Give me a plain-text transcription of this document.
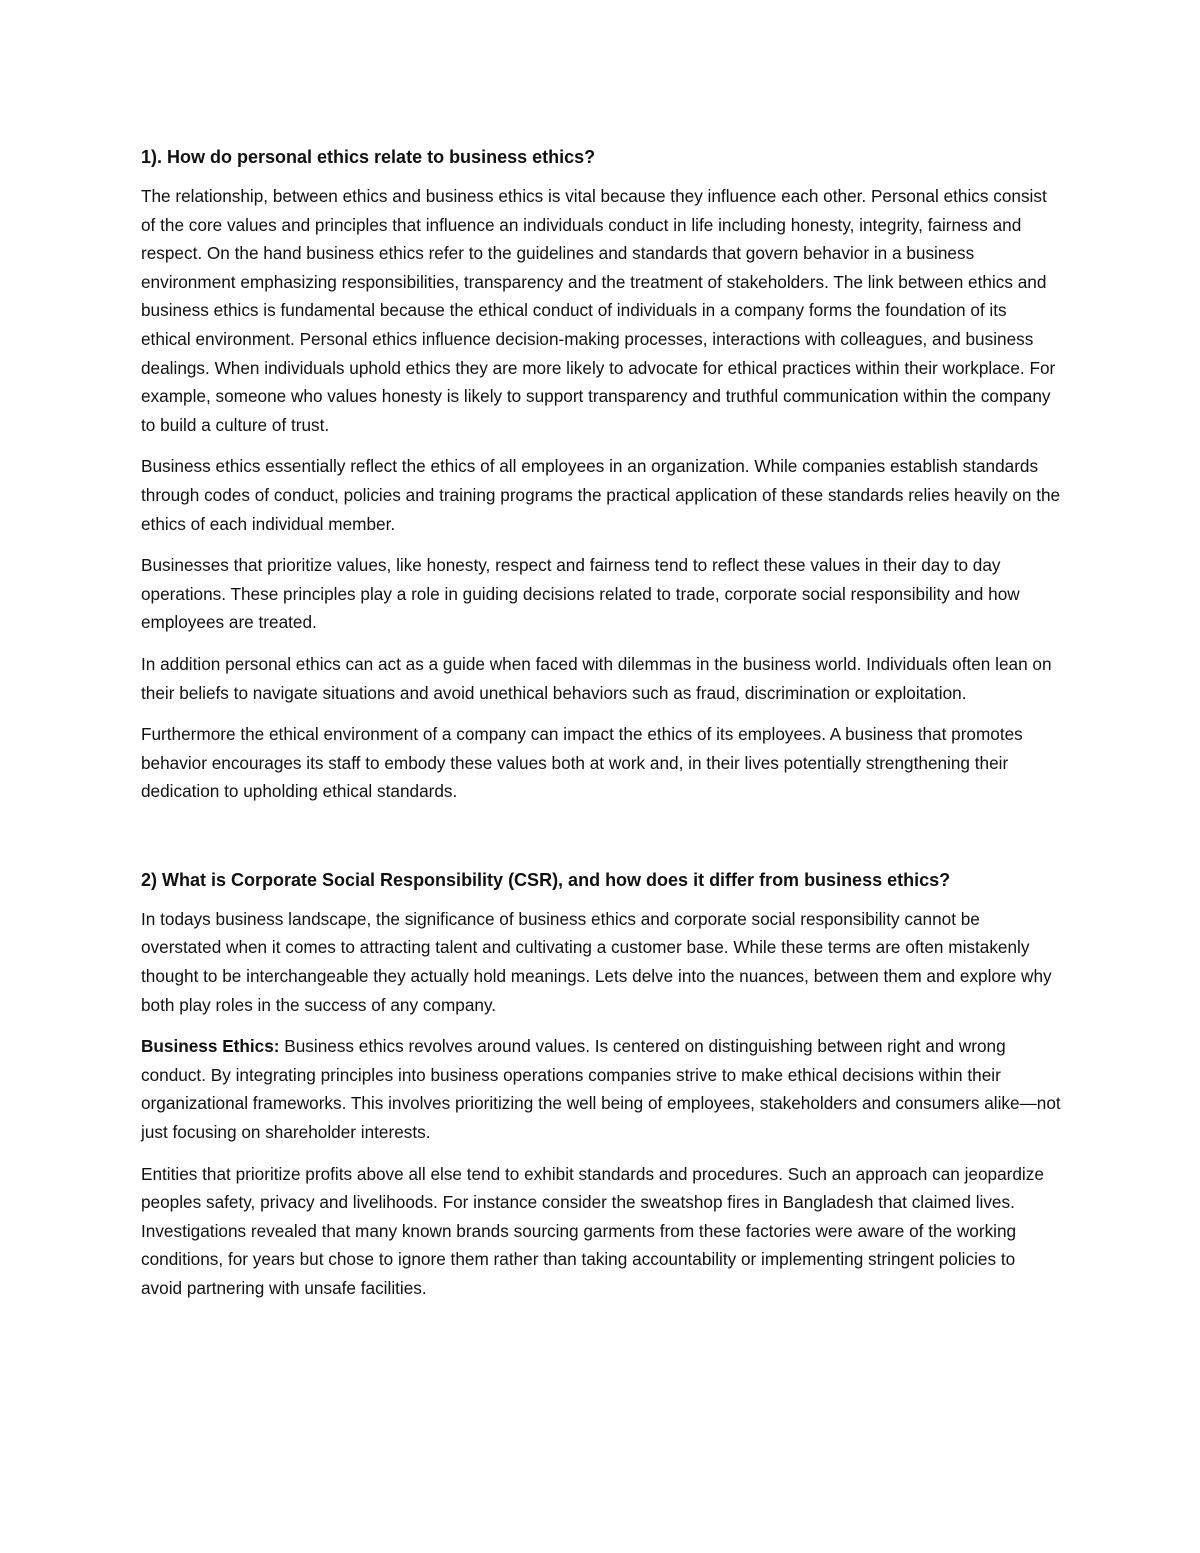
1). How do personal ethics relate to business ethics?

The relationship, between ethics and business ethics is vital because they influence each other. Personal ethics consist of the core values and principles that influence an individuals conduct in life including honesty, integrity, fairness and respect. On the hand business ethics refer to the guidelines and standards that govern behavior in a business environment emphasizing responsibilities, transparency and the treatment of stakeholders. The link between ethics and business ethics is fundamental because the ethical conduct of individuals in a company forms the foundation of its ethical environment. Personal ethics influence decision-making processes, interactions with colleagues, and business dealings. When individuals uphold ethics they are more likely to advocate for ethical practices within their workplace. For example, someone who values honesty is likely to support transparency and truthful communication within the company to build a culture of trust.

Business ethics essentially reflect the ethics of all employees in an organization. While companies establish standards through codes of conduct, policies and training programs the practical application of these standards relies heavily on the ethics of each individual member.

Businesses that prioritize values, like honesty, respect and fairness tend to reflect these values in their day to day operations. These principles play a role in guiding decisions related to trade, corporate social responsibility and how employees are treated.

In addition personal ethics can act as a guide when faced with dilemmas in the business world. Individuals often lean on their beliefs to navigate situations and avoid unethical behaviors such as fraud, discrimination or exploitation.

Furthermore the ethical environment of a company can impact the ethics of its employees. A business that promotes behavior encourages its staff to embody these values both at work and, in their lives potentially strengthening their dedication to upholding ethical standards.

2) What is Corporate Social Responsibility (CSR), and how does it differ from business ethics?

In todays business landscape, the significance of business ethics and corporate social responsibility cannot be overstated when it comes to attracting talent and cultivating a customer base. While these terms are often mistakenly thought to be interchangeable they actually hold meanings. Lets delve into the nuances, between them and explore why both play roles in the success of any company.

Business Ethics: Business ethics revolves around values. Is centered on distinguishing between right and wrong conduct. By integrating principles into business operations companies strive to make ethical decisions within their organizational frameworks. This involves prioritizing the well being of employees, stakeholders and consumers alike—not just focusing on shareholder interests.

Entities that prioritize profits above all else tend to exhibit standards and procedures. Such an approach can jeopardize peoples safety, privacy and livelihoods. For instance consider the sweatshop fires in Bangladesh that claimed lives. Investigations revealed that many known brands sourcing garments from these factories were aware of the working conditions, for years but chose to ignore them rather than taking accountability or implementing stringent policies to avoid partnering with unsafe facilities.
